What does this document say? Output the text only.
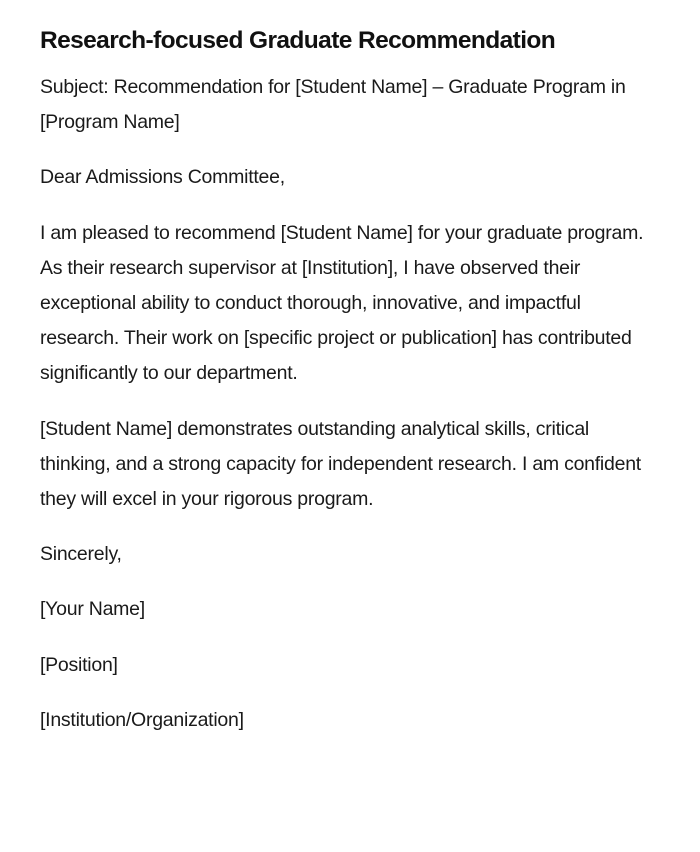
Research-focused Graduate Recommendation

Subject: Recommendation for [Student Name] – Graduate Program in [Program Name]

Dear Admissions Committee,

I am pleased to recommend [Student Name] for your graduate program. As their research supervisor at [Institution], I have observed their exceptional ability to conduct thorough, innovative, and impactful research. Their work on [specific project or publication] has contributed significantly to our department.

[Student Name] demonstrates outstanding analytical skills, critical thinking, and a strong capacity for independent research. I am confident they will excel in your rigorous program.

Sincerely,

[Your Name]

[Position]

[Institution/Organization]
